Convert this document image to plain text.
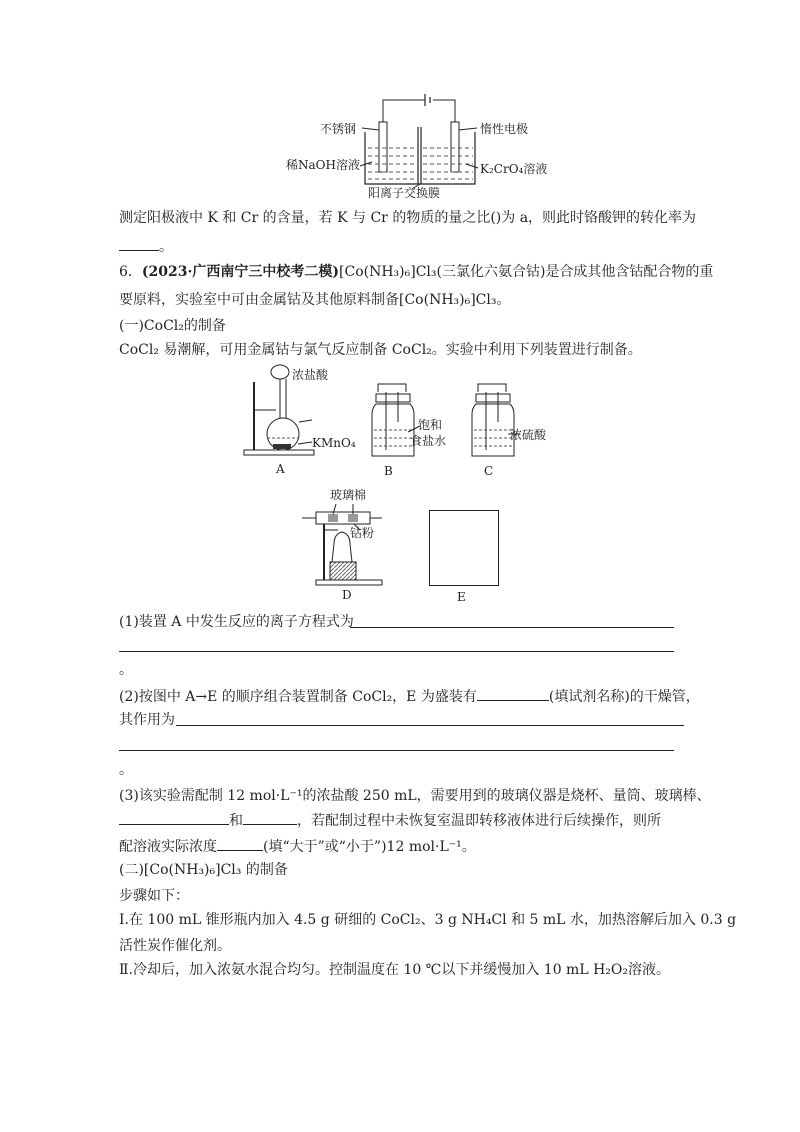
不锈钢	惰性电极
稀NaOH溶液	K₂CrO₄溶液
阳离子交换膜
测定阳极液中 K 和 Cr 的含量，若 K 与 Cr 的物质的量之比()为 a，则此时铬酸钾的转化率为
。
6．(2023·广西南宁三中校考二模)[Co(NH₃)₆]Cl₃(三氯化六氨合钴)是合成其他含钴配合物的重
要原料，实验室中可由金属钴及其他原料制备[Co(NH₃)₆]Cl₃。
(一)CoCl₂的制备
CoCl₂ 易潮解，可用金属钴与氯气反应制备 CoCl₂。实验中利用下列装置进行制备。
浓盐酸
KMnO₄
A
饱和
食盐水
B
浓硫酸
C
玻璃棉
钴粉
D	E
(1)装置 A 中发生反应的离子方程式为
。
(2)按图中 A→E 的顺序组合装置制备 CoCl₂，E 为盛装有	(填试剂名称)的干燥管，
其作用为
。
(3)该实验需配制 12 mol·L⁻¹的浓盐酸 250 mL，需要用到的玻璃仪器是烧杯、量筒、玻璃棒、
和	，若配制过程中未恢复室温即转移液体进行后续操作，则所
配溶液实际浓度	(填“大于”或“小于”)12 mol·L⁻¹。
(二)[Co(NH₃)₆]Cl₃ 的制备
步骤如下：
Ⅰ.在 100 mL 锥形瓶内加入 4.5 g 研细的 CoCl₂、3 g NH₄Cl 和 5 mL 水，加热溶解后加入 0.3 g
活性炭作催化剂。
Ⅱ.冷却后，加入浓氨水混合均匀。控制温度在 10 ℃以下并缓慢加入 10 mL H₂O₂溶液。
